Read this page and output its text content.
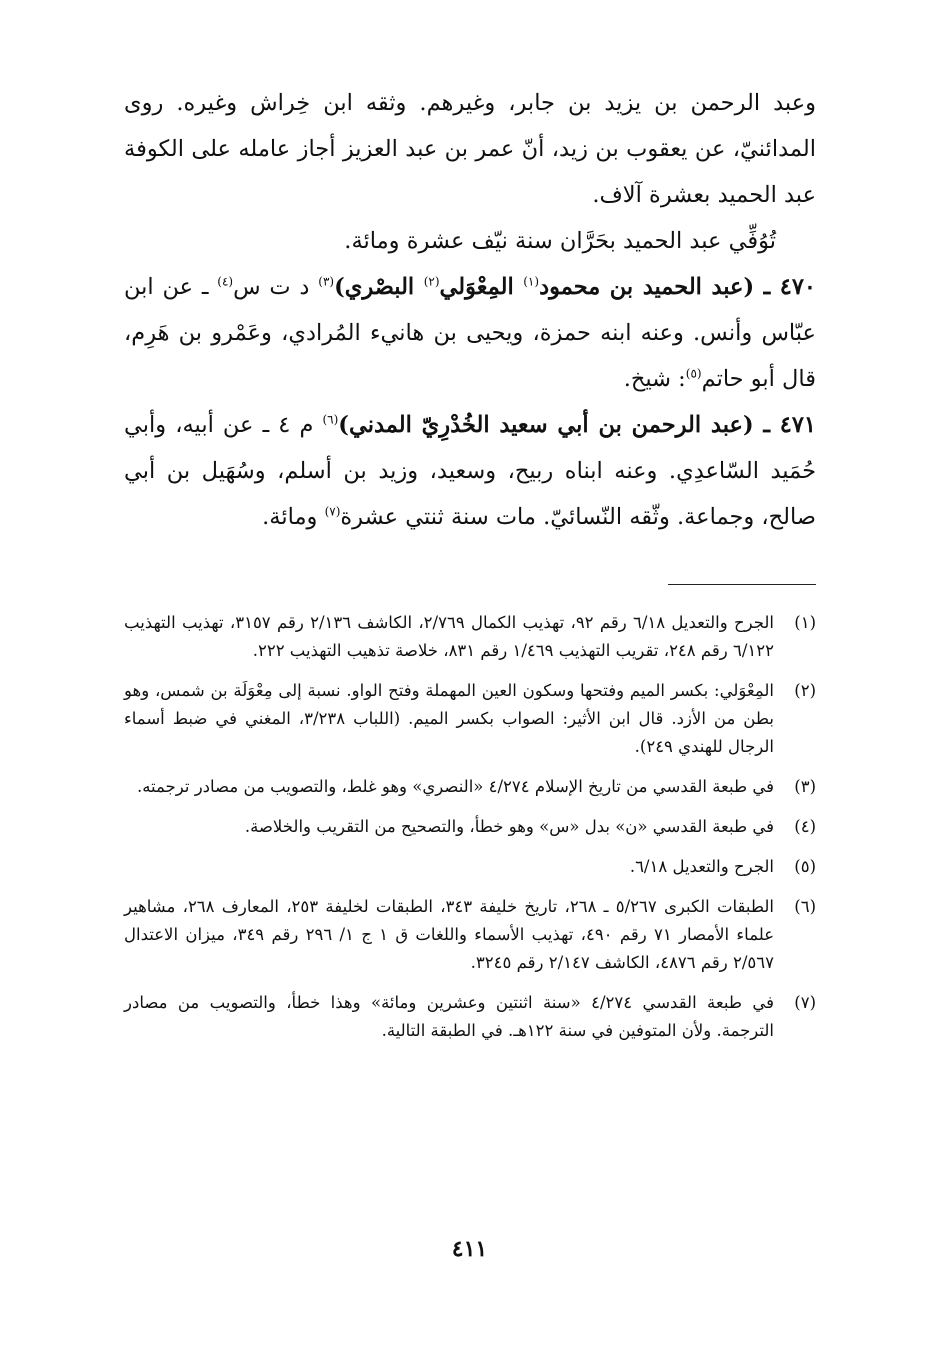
وعبد الرحمن بن يزيد بن جابر، وغيرهم. وثقه ابن خِراش وغيره. روى المدائنيّ، عن يعقوب بن زيد، أنّ عمر بن عبد العزيز أجاز عامله على الكوفة عبد الحميد بعشرة آلاف.

تُوُفِّي عبد الحميد بحَرَّان سنة نيّف عشرة ومائة.

٤٧٠ ـ (عبد الحميد بن محمود$^{(١)}$ المِعْوَلي$^{(٢)}$ البصْري)$^{(٣)}$ د ت س$^{(٤)}$ ـ عن ابن عبّاس وأنس. وعنه ابنه حمزة، ويحيى بن هانيء المُرادي، وعَمْرو بن هَرِم، قال أبو حاتم$^{(٥)}$: شيخ.

٤٧١ ـ (عبد الرحمن بن أبي سعيد الخُدْرِيّ المدني)$^{(٦)}$ م ٤ ـ عن أبيه، وأبي حُمَيد السّاعدِي. وعنه ابناه ربيح، وسعيد، وزيد بن أسلم، وسُهَيل بن أبي صالح، وجماعة. وثّقه النّسائيّ. مات سنة ثنتي عشرة$^{(٧)}$ ومائة.

(١)
الجرح والتعديل ٦/١٨ رقم ٩٢، تهذيب الكمال ٢/٧٦٩، الكاشف ٢/١٣٦ رقم ٣١٥٧، تهذيب التهذيب ٦/١٢٢ رقم ٢٤٨، تقريب التهذيب ١/٤٦٩ رقم ٨٣١، خلاصة تذهيب التهذيب ٢٢٢.
(٢)
المِعْوَلي: بكسر الميم وفتحها وسكون العين المهملة وفتح الواو. نسبة إلى مِعْوَلَة بن شمس، وهو بطن من الأزد. قال ابن الأثير: الصواب بكسر الميم. (اللباب ٣/٢٣٨، المغني في ضبط أسماء الرجال للهندي ٢٤٩).
(٣)
في طبعة القدسي من تاريخ الإسلام ٤/٢٧٤ «النصري» وهو غلط، والتصويب من مصادر ترجمته.
(٤)
في طبعة القدسي «ن» بدل «س» وهو خطأ، والتصحيح من التقريب والخلاصة.
(٥)
الجرح والتعديل ٦/١٨.
(٦)
الطبقات الكبرى ٥/٢٦٧ ـ ٢٦٨، تاريخ خليفة ٣٤٣، الطبقات لخليفة ٢٥٣، المعارف ٢٦٨، مشاهير علماء الأمصار ٧١ رقم ٤٩٠، تهذيب الأسماء واللغات ق ١ ج ١/ ٢٩٦ رقم ٣٤٩، ميزان الاعتدال ٢/٥٦٧ رقم ٤٨٧٦، الكاشف ٢/١٤٧ رقم ٣٢٤٥.
(٧)
في طبعة القدسي ٤/٢٧٤ «سنة اثنتين وعشرين ومائة» وهذا خطأ، والتصويب من مصادر الترجمة. ولأن المتوفين في سنة ١٢٢هـ. في الطبقة التالية.
٤١١
